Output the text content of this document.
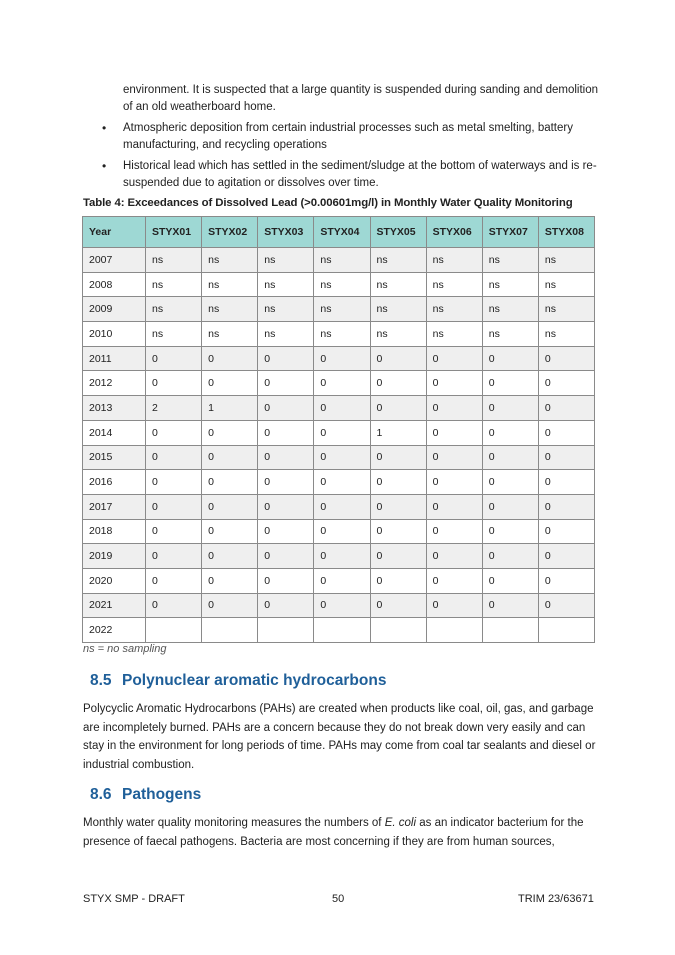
environment. It is suspected that a large quantity is suspended during sanding and demolition of an old weatherboard home.

• Atmospheric deposition from certain industrial processes such as metal smelting, battery manufacturing, and recycling operations
• Historical lead which has settled in the sediment/sludge at the bottom of waterways and is re-suspended due to agitation or dissolves over time.
Table 4: Exceedances of Dissolved Lead (>0.00601mg/l) in Monthly Water Quality Monitoring
Year	STYX01	STYX02	STYX03	STYX04	STYX05	STYX06	STYX07	STYX08
2007	ns	ns	ns	ns	ns	ns	ns	ns
2008	ns	ns	ns	ns	ns	ns	ns	ns
2009	ns	ns	ns	ns	ns	ns	ns	ns
2010	ns	ns	ns	ns	ns	ns	ns	ns
2011	0	0	0	0	0	0	0	0
2012	0	0	0	0	0	0	0	0
2013	2	1	0	0	0	0	0	0
2014	0	0	0	0	1	0	0	0
2015	0	0	0	0	0	0	0	0
2016	0	0	0	0	0	0	0	0
2017	0	0	0	0	0	0	0	0
2018	0	0	0	0	0	0	0	0
2019	0	0	0	0	0	0	0	0
2020	0	0	0	0	0	0	0	0
2021	0	0	0	0	0	0	0	0
2022								
ns = no sampling
8.5 Polynuclear aromatic hydrocarbons

Polycyclic Aromatic Hydrocarbons (PAHs) are created when products like coal, oil, gas, and garbage are incompletely burned. PAHs are a concern because they do not break down very easily and can stay in the environment for long periods of time. PAHs may come from coal tar sealants and diesel or industrial combustion.

8.6 Pathogens

Monthly water quality monitoring measures the numbers of E. coli as an indicator bacterium for the presence of faecal pathogens. Bacteria are most concerning if they are from human sources,

STYX SMP - DRAFT	50	TRIM 23/63671
